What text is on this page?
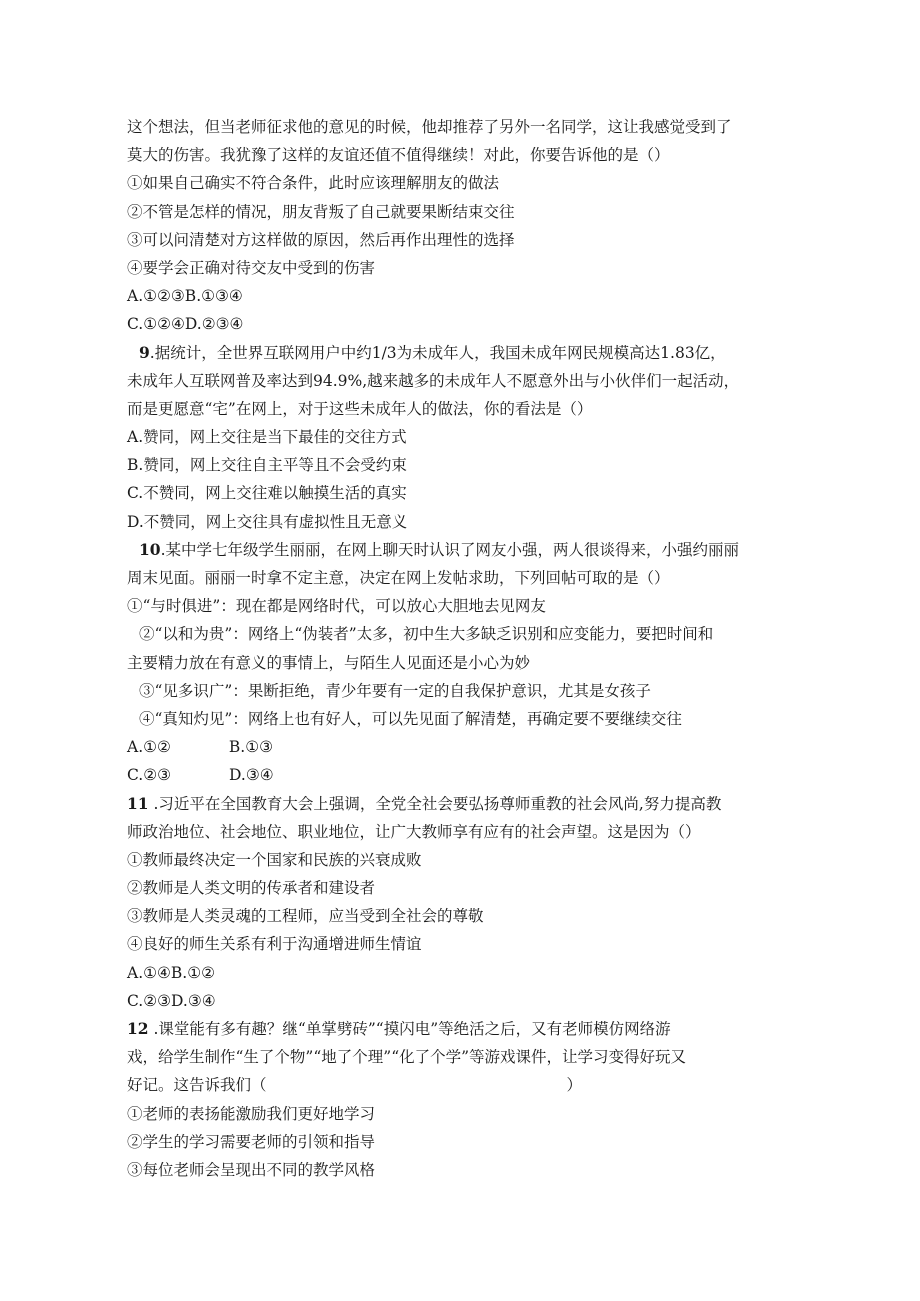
这个想法，但当老师征求他的意见的时候，他却推荐了另外一名同学，这让我感觉受到了
莫大的伤害。我犹豫了这样的友谊还值不值得继续！对此，你要告诉他的是（）
①如果自己确实不符合条件，此时应该理解朋友的做法
②不管是怎样的情况，朋友背叛了自己就要果断结束交往
③可以问清楚对方这样做的原因，然后再作出理性的选择
④要学会正确对待交友中受到的伤害
A.①②③B.①③④
C.①②④D.②③④
9.据统计，全世界互联网用户中约1/3为未成年人，我国未成年网民规模高达1.83亿，
未成年人互联网普及率达到94.9%,越来越多的未成年人不愿意外出与小伙伴们一起活动，
而是更愿意“宅”在网上，对于这些未成年人的做法，你的看法是（）
A.赞同，网上交往是当下最佳的交往方式
B.赞同，网上交往自主平等且不会受约束
C.不赞同，网上交往难以触摸生活的真实
D.不赞同，网上交往具有虚拟性且无意义
10.某中学七年级学生丽丽，在网上聊天时认识了网友小强，两人很谈得来，小强约丽丽
周末见面。丽丽一时拿不定主意，决定在网上发帖求助，下列回帖可取的是（）
①“与时俱进”：现在都是网络时代，可以放心大胆地去见网友
②“以和为贵”：网络上“伪装者”太多，初中生大多缺乏识别和应变能力，要把时间和
主要精力放在有意义的事情上，与陌生人见面还是小心为妙
③“见多识广”：果断拒绝，青少年要有一定的自我保护意识，尤其是女孩子
④“真知灼见”：网络上也有好人，可以先见面了解清楚，再确定要不要继续交往
A.①②	B.①③
C.②③	D.③④
11 .习近平在全国教育大会上强调，全党全社会要弘扬尊师重教的社会风尚,努力提高教
师政治地位、社会地位、职业地位，让广大教师享有应有的社会声望。这是因为（）
①教师最终决定一个国家和民族的兴衰成败
②教师是人类文明的传承者和建设者
③教师是人类灵魂的工程师，应当受到全社会的尊敬
④良好的师生关系有利于沟通增进师生情谊
A.①④B.①②
C.②③D.③④
12 .课堂能有多有趣？继“单掌劈砖”“摸闪电”等绝活之后，又有老师模仿网络游
戏，给学生制作“生了个物”“地了个理”“化了个学”等游戏课件，让学习变得好玩又
好记。这告诉我们（	）
①老师的表扬能激励我们更好地学习
②学生的学习需要老师的引领和指导
③每位老师会呈现出不同的教学风格
